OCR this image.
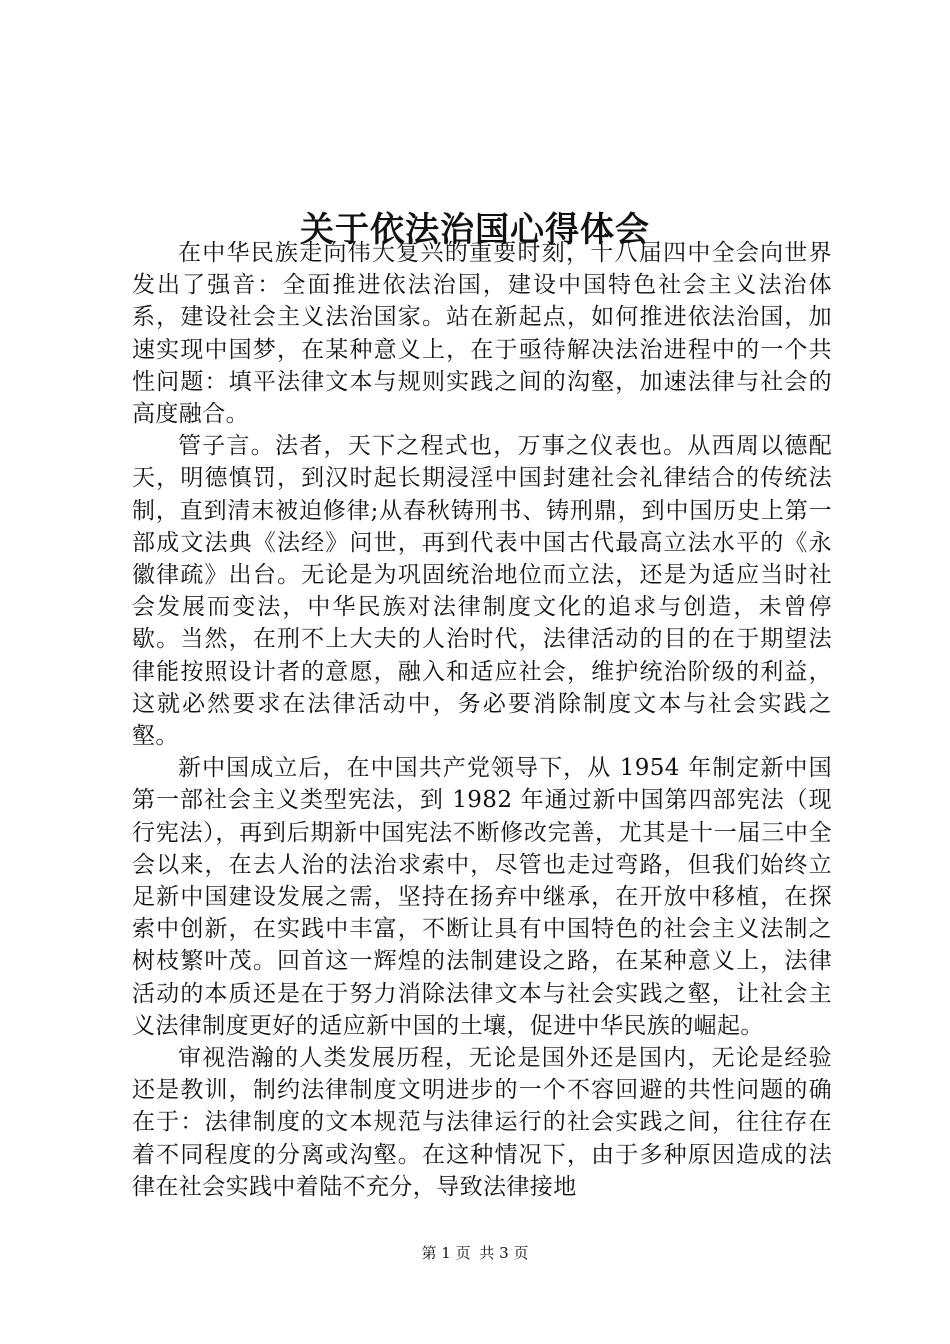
关于依法治国心得体会

在中华民族走向伟大复兴的重要时刻，十八届四中全会向世界发出了强音：全面推进依法治国，建设中国特色社会主义法治体系，建设社会主义法治国家。站在新起点，如何推进依法治国，加速实现中国梦，在某种意义上，在于亟待解决法治进程中的一个共性问题：填平法律文本与规则实践之间的沟壑，加速法律与社会的高度融合。

管子言。法者，天下之程式也，万事之仪表也。从西周以德配天，明德慎罚，到汉时起长期浸淫中国封建社会礼律结合的传统法制，直到清末被迫修律;从春秋铸刑书、铸刑鼎，到中国历史上第一部成文法典《法经》问世，再到代表中国古代最高立法水平的《永徽律疏》出台。无论是为巩固统治地位而立法，还是为适应当时社会发展而变法，中华民族对法律制度文化的追求与创造，未曾停歇。当然，在刑不上大夫的人治时代，法律活动的目的在于期望法律能按照设计者的意愿，融入和适应社会，维护统治阶级的利益，这就必然要求在法律活动中，务必要消除制度文本与社会实践之壑。

新中国成立后，在中国共产党领导下，从 1954 年制定新中国第一部社会主义类型宪法，到 1982 年通过新中国第四部宪法（现行宪法），再到后期新中国宪法不断修改完善，尤其是十一届三中全会以来，在去人治的法治求索中，尽管也走过弯路，但我们始终立足新中国建设发展之需，坚持在扬弃中继承，在开放中移植，在探索中创新，在实践中丰富，不断让具有中国特色的社会主义法制之树枝繁叶茂。回首这一辉煌的法制建设之路，在某种意义上，法律活动的本质还是在于努力消除法律文本与社会实践之壑，让社会主义法律制度更好的适应新中国的土壤，促进中华民族的崛起。

审视浩瀚的人类发展历程，无论是国外还是国内，无论是经验还是教训，制约法律制度文明进步的一个不容回避的共性问题的确在于：法律制度的文本规范与法律运行的社会实践之间，往往存在着不同程度的分离或沟壑。在这种情况下，由于多种原因造成的法律在社会实践中着陆不充分，导致法律接地

第 1 页 共 3 页
